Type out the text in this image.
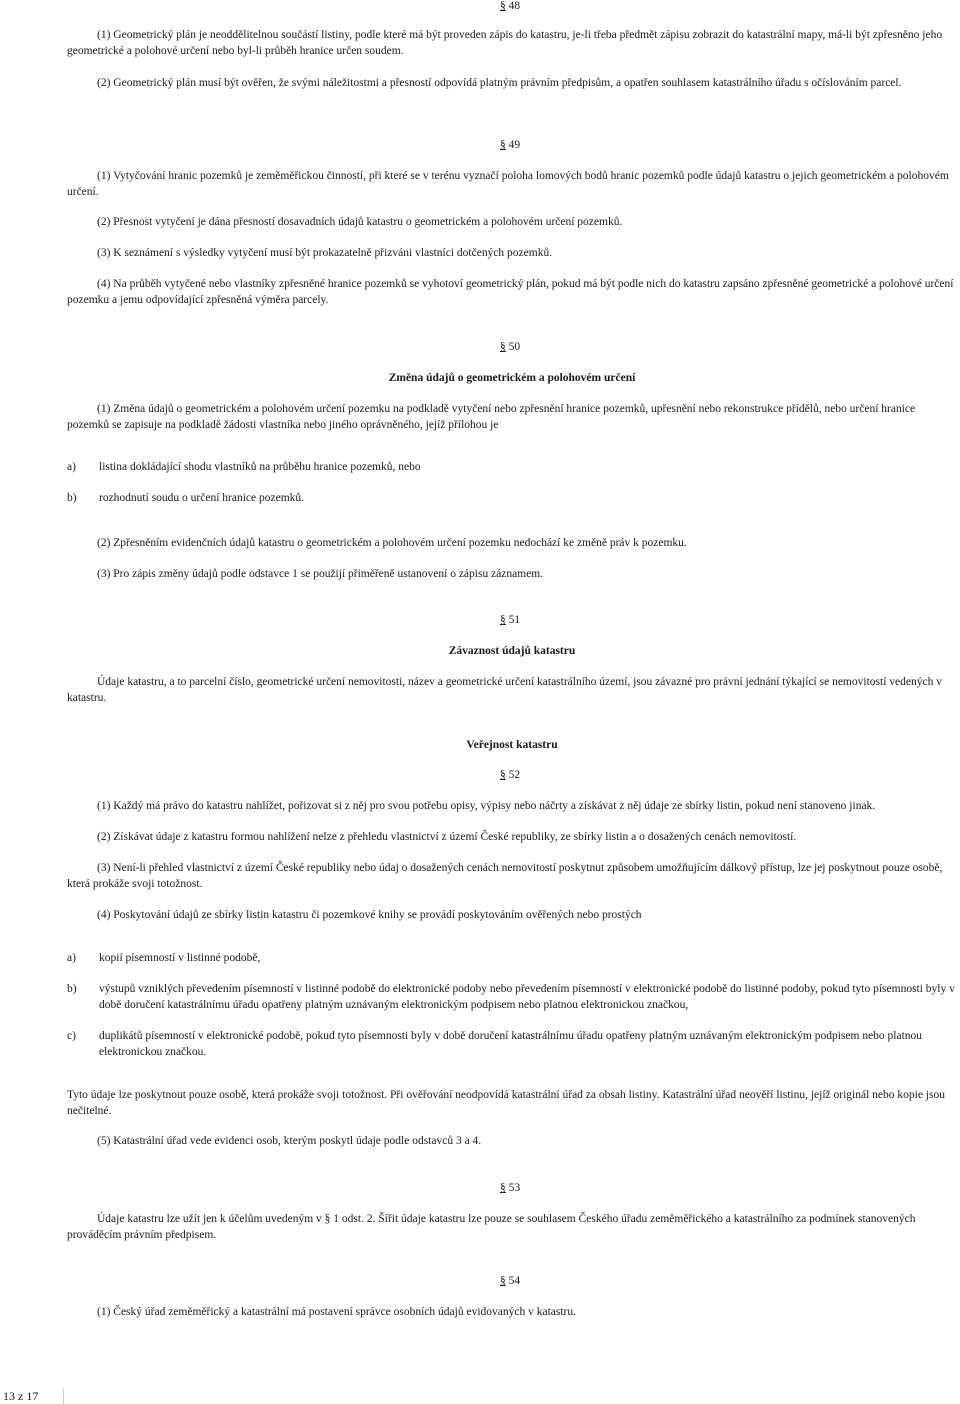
§ 48

(1) Geometrický plán je neoddělitelnou součástí listiny, podle které má být proveden zápis do katastru, je-li třeba předmět zápisu zobrazit do katastrální mapy, má-li být zpřesněno jeho geometrické a polohové určení nebo byl-li průběh hranice určen soudem.

(2) Geometrický plán musí být ověřen, že svými náležitostmi a přesností odpovídá platným právním předpisům, a opatřen souhlasem katastrálního úřadu s očíslováním parcel.

§ 49

(1) Vytyčování hranic pozemků je zeměměřickou činností, při které se v terénu vyznačí poloha lomových bodů hranic pozemků podle údajů katastru o jejich geometrickém a polohovém určení.

(2) Přesnost vytyčení je dána přesností dosavadních údajů katastru o geometrickém a polohovém určení pozemků.

(3) K seznámení s výsledky vytyčení musí být prokazatelně přizváni vlastníci dotčených pozemků.

(4) Na průběh vytyčené nebo vlastníky zpřesněné hranice pozemků se vyhotoví geometrický plán, pokud má být podle nich do katastru zapsáno zpřesněné geometrické a polohové určení pozemku a jemu odpovídající zpřesněná výměra parcely.

§ 50

Změna údajů o geometrickém a polohovém určení

(1) Změna údajů o geometrickém a polohovém určení pozemku na podkladě vytyčení nebo zpřesnění hranice pozemků, upřesnění nebo rekonstrukce přídělů, nebo určení hranice pozemků se zapisuje na podkladě žádosti vlastníka nebo jiného oprávněného, jejíž přílohou je

a)	listina dokládající shodu vlastníků na průběhu hranice pozemků, nebo
b)	rozhodnutí soudu o určení hranice pozemků.

(2) Zpřesněním evidenčních údajů katastru o geometrickém a polohovém určení pozemku nedochází ke změně práv k pozemku.

(3) Pro zápis změny údajů podle odstavce 1 se použijí přiměřeně ustanovení o zápisu záznamem.

§ 51

Závaznost údajů katastru

Údaje katastru, a to parcelní číslo, geometrické určení nemovitosti, název a geometrické určení katastrálního území, jsou závazné pro právní jednání týkající se nemovitostí vedených v katastru.

Veřejnost katastru

§ 52

(1) Každý má právo do katastru nahlížet, pořizovat si z něj pro svou potřebu opisy, výpisy nebo náčrty a získávat z něj údaje ze sbírky listin, pokud není stanoveno jinak.

(2) Získávat údaje z katastru formou nahlížení nelze z přehledu vlastnictví z území České republiky, ze sbírky listin a o dosažených cenách nemovitostí.

(3) Není-li přehled vlastnictví z území České republiky nebo údaj o dosažených cenách nemovitostí poskytnut způsobem umožňujícím dálkový přístup, lze jej poskytnout pouze osobě, která prokáže svoji totožnost.

(4) Poskytování údajů ze sbírky listin katastru či pozemkové knihy se provádí poskytováním ověřených nebo prostých

a)	kopií písemností v listinné podobě,
b)	výstupů vzniklých převedením písemností v listinné podobě do elektronické podoby nebo převedením písemností v elektronické podobě do listinné podoby, pokud tyto písemnosti byly v době doručení katastrálnímu úřadu opatřeny platným uznávaným elektronickým podpisem nebo platnou elektronickou značkou,
c)	duplikátů písemností v elektronické podobě, pokud tyto písemnosti byly v době doručení katastrálnímu úřadu opatřeny platným uznávaným elektronickým podpisem nebo platnou elektronickou značkou.

Tyto údaje lze poskytnout pouze osobě, která prokáže svoji totožnost. Při ověřování neodpovídá katastrální úřad za obsah listiny. Katastrální úřad neověří listinu, jejíž originál nebo kopie jsou nečitelné.

(5) Katastrální úřad vede evidenci osob, kterým poskytl údaje podle odstavců 3 a 4.

§ 53

Údaje katastru lze užít jen k účelům uvedeným v § 1 odst. 2. Šířit údaje katastru lze pouze se souhlasem Českého úřadu zeměměřického a katastrálního za podmínek stanovených prováděcím právním předpisem.

§ 54

(1) Český úřad zeměměřický a katastrální má postavení správce osobních údajů evidovaných v katastru.

13 z 17
